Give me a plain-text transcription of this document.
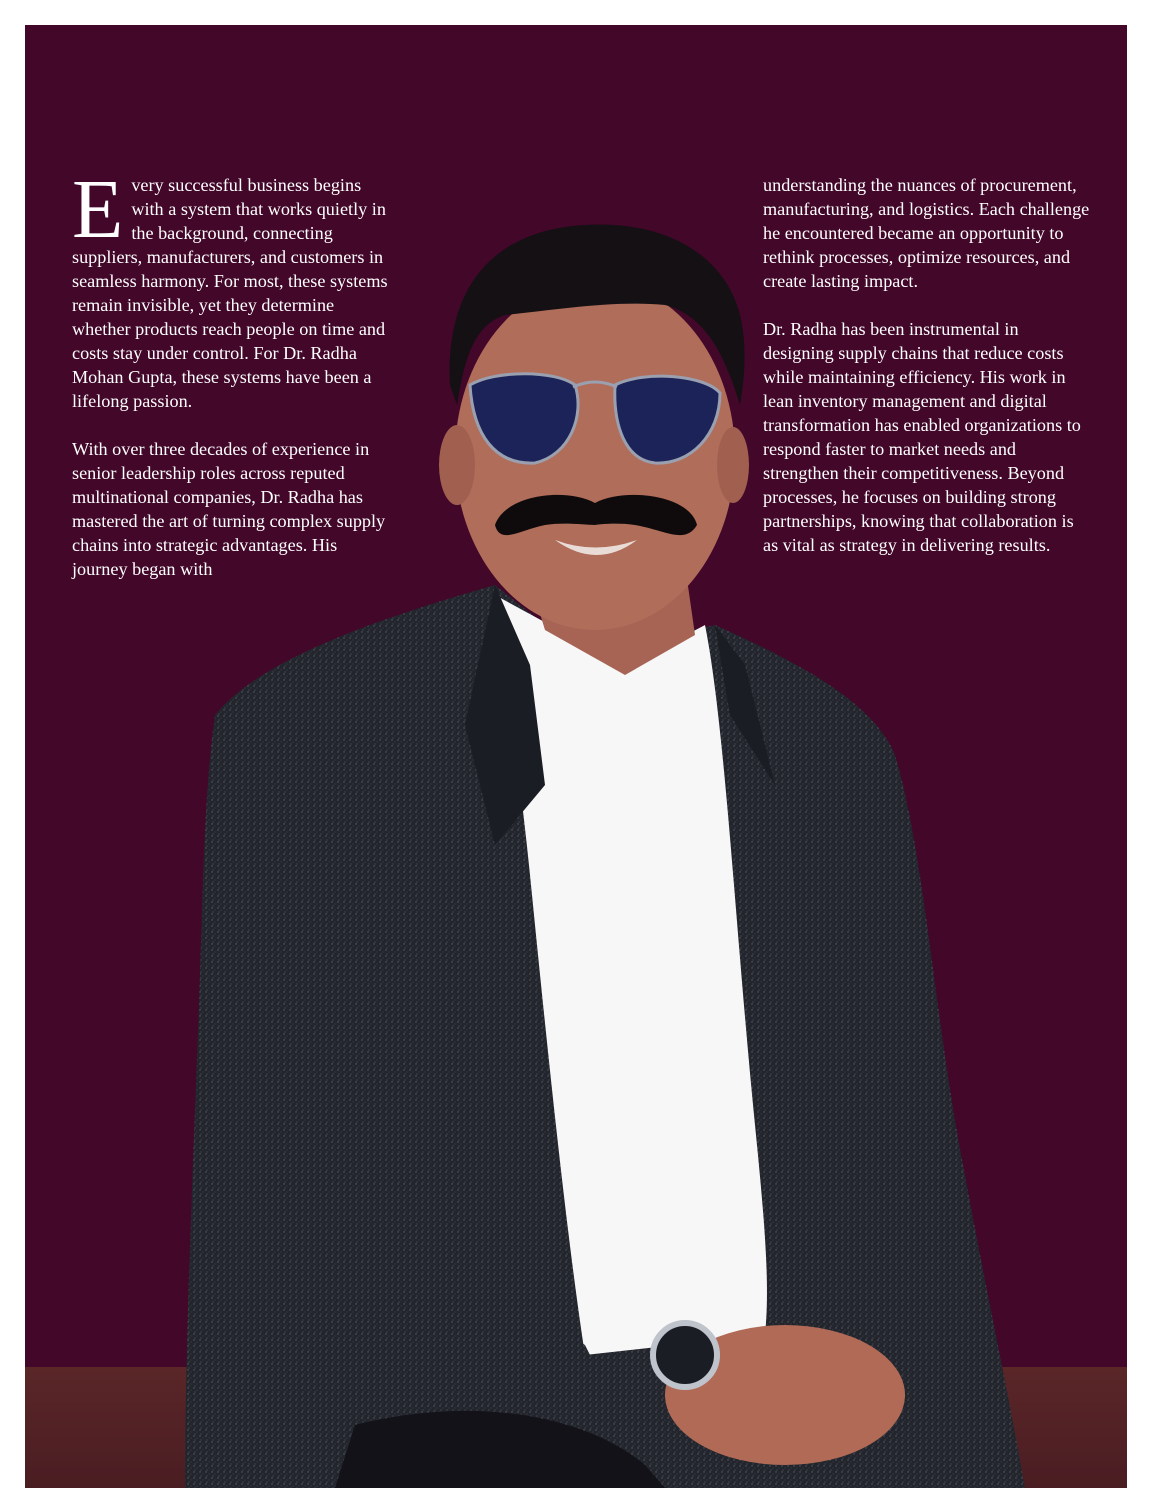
Every successful business begins with a system that works quietly in the background, connecting suppliers, manufacturers, and customers in seamless harmony. For most, these systems remain invisible, yet they determine whether products reach people on time and costs stay under control. For Dr. Radha Mohan Gupta, these systems have been a lifelong passion.

With over three decades of experience in senior leadership roles across reputed multinational companies, Dr. Radha has mastered the art of turning complex supply chains into strategic advantages. His journey began with

understanding the nuances of procurement, manufacturing, and logistics. Each challenge he encountered became an opportunity to rethink processes, optimize resources, and create lasting impact.

Dr. Radha has been instrumental in designing supply chains that reduce costs while maintaining efficiency. His work in lean inventory management and digital transformation has enabled organizations to respond faster to market needs and strengthen their competitiveness. Beyond processes, he focuses on building strong partnerships, knowing that collaboration is as vital as strategy in delivering results.
